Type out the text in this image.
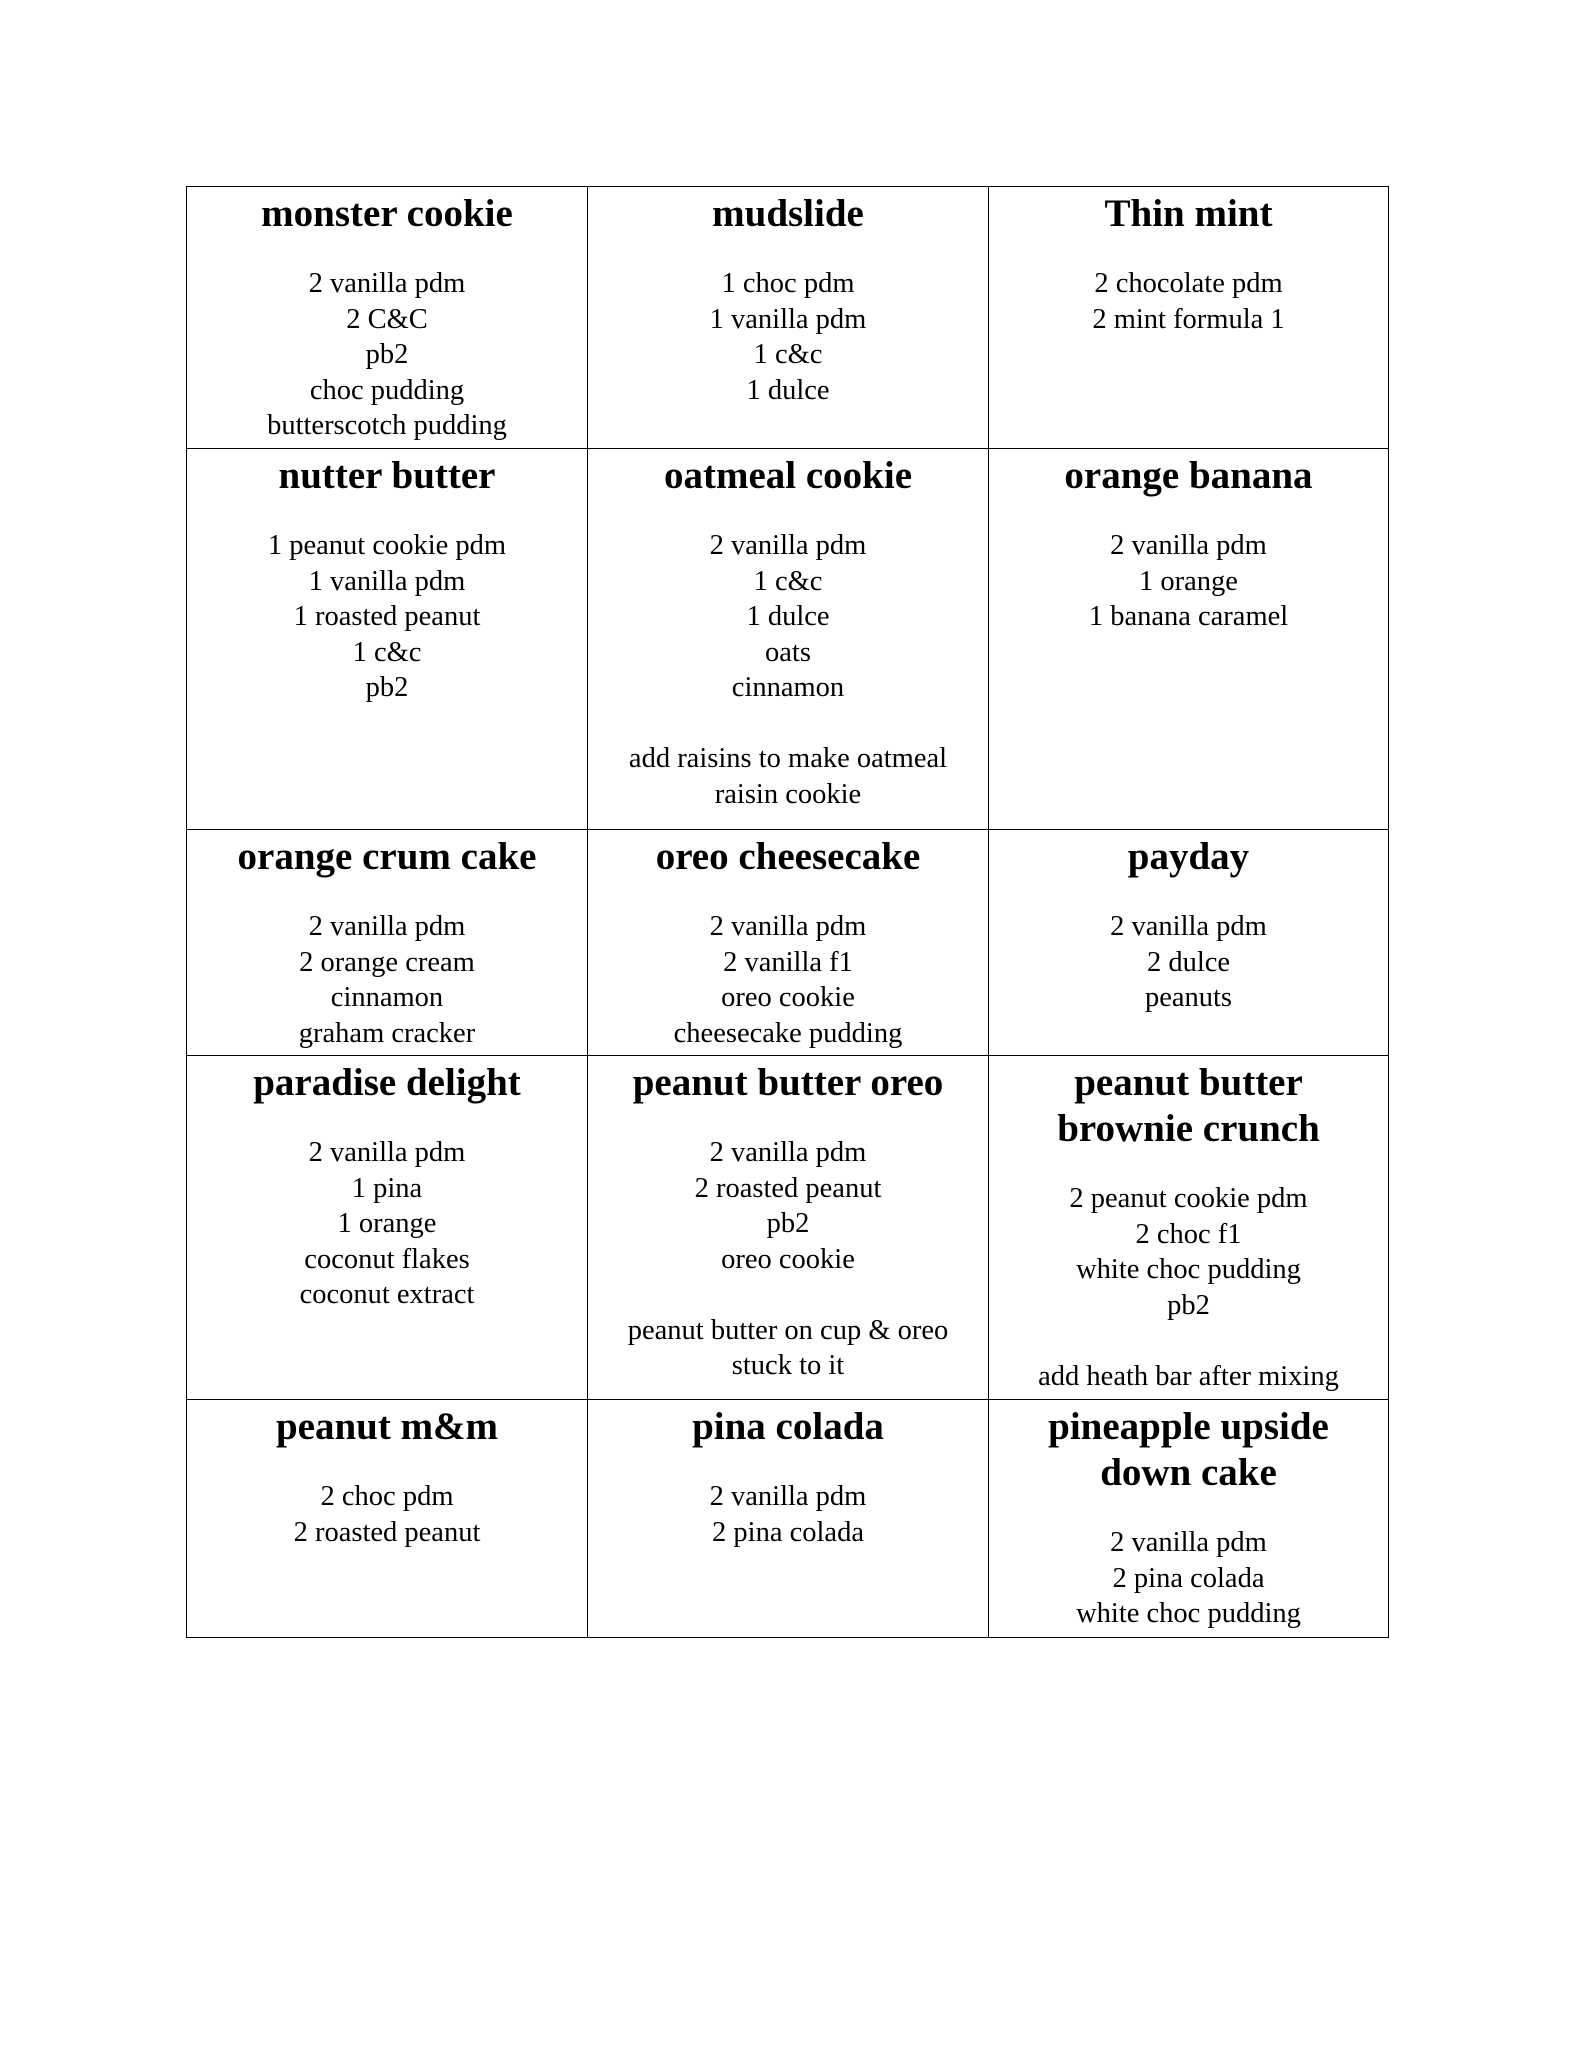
monster cookie
2 vanilla pdm
2 C&C
pb2
choc pudding
butterscotch pudding
mudslide
1 choc pdm
1 vanilla pdm
1 c&c
1 dulce
Thin mint
2 chocolate pdm
2 mint formula 1
nutter butter
1 peanut cookie pdm
1 vanilla pdm
1 roasted peanut
1 c&c
pb2
oatmeal cookie
2 vanilla pdm
1 c&c
1 dulce
oats
cinnamon
add raisins to make oatmeal
raisin cookie
orange banana
2 vanilla pdm
1 orange
1 banana caramel
orange crum cake
2 vanilla pdm
2 orange cream
cinnamon
graham cracker
oreo cheesecake
2 vanilla pdm
2 vanilla f1
oreo cookie
cheesecake pudding
payday
2 vanilla pdm
2 dulce
peanuts
paradise delight
2 vanilla pdm
1 pina
1 orange
coconut flakes
coconut extract
peanut butter oreo
2 vanilla pdm
2 roasted peanut
pb2
oreo cookie
peanut butter on cup & oreo
stuck to it
peanut butter
brownie crunch
2 peanut cookie pdm
2 choc f1
white choc pudding
pb2
add heath bar after mixing
peanut m&m
2 choc pdm
2 roasted peanut
pina colada
2 vanilla pdm
2 pina colada
pineapple upside
down cake
2 vanilla pdm
2 pina colada
white choc pudding
